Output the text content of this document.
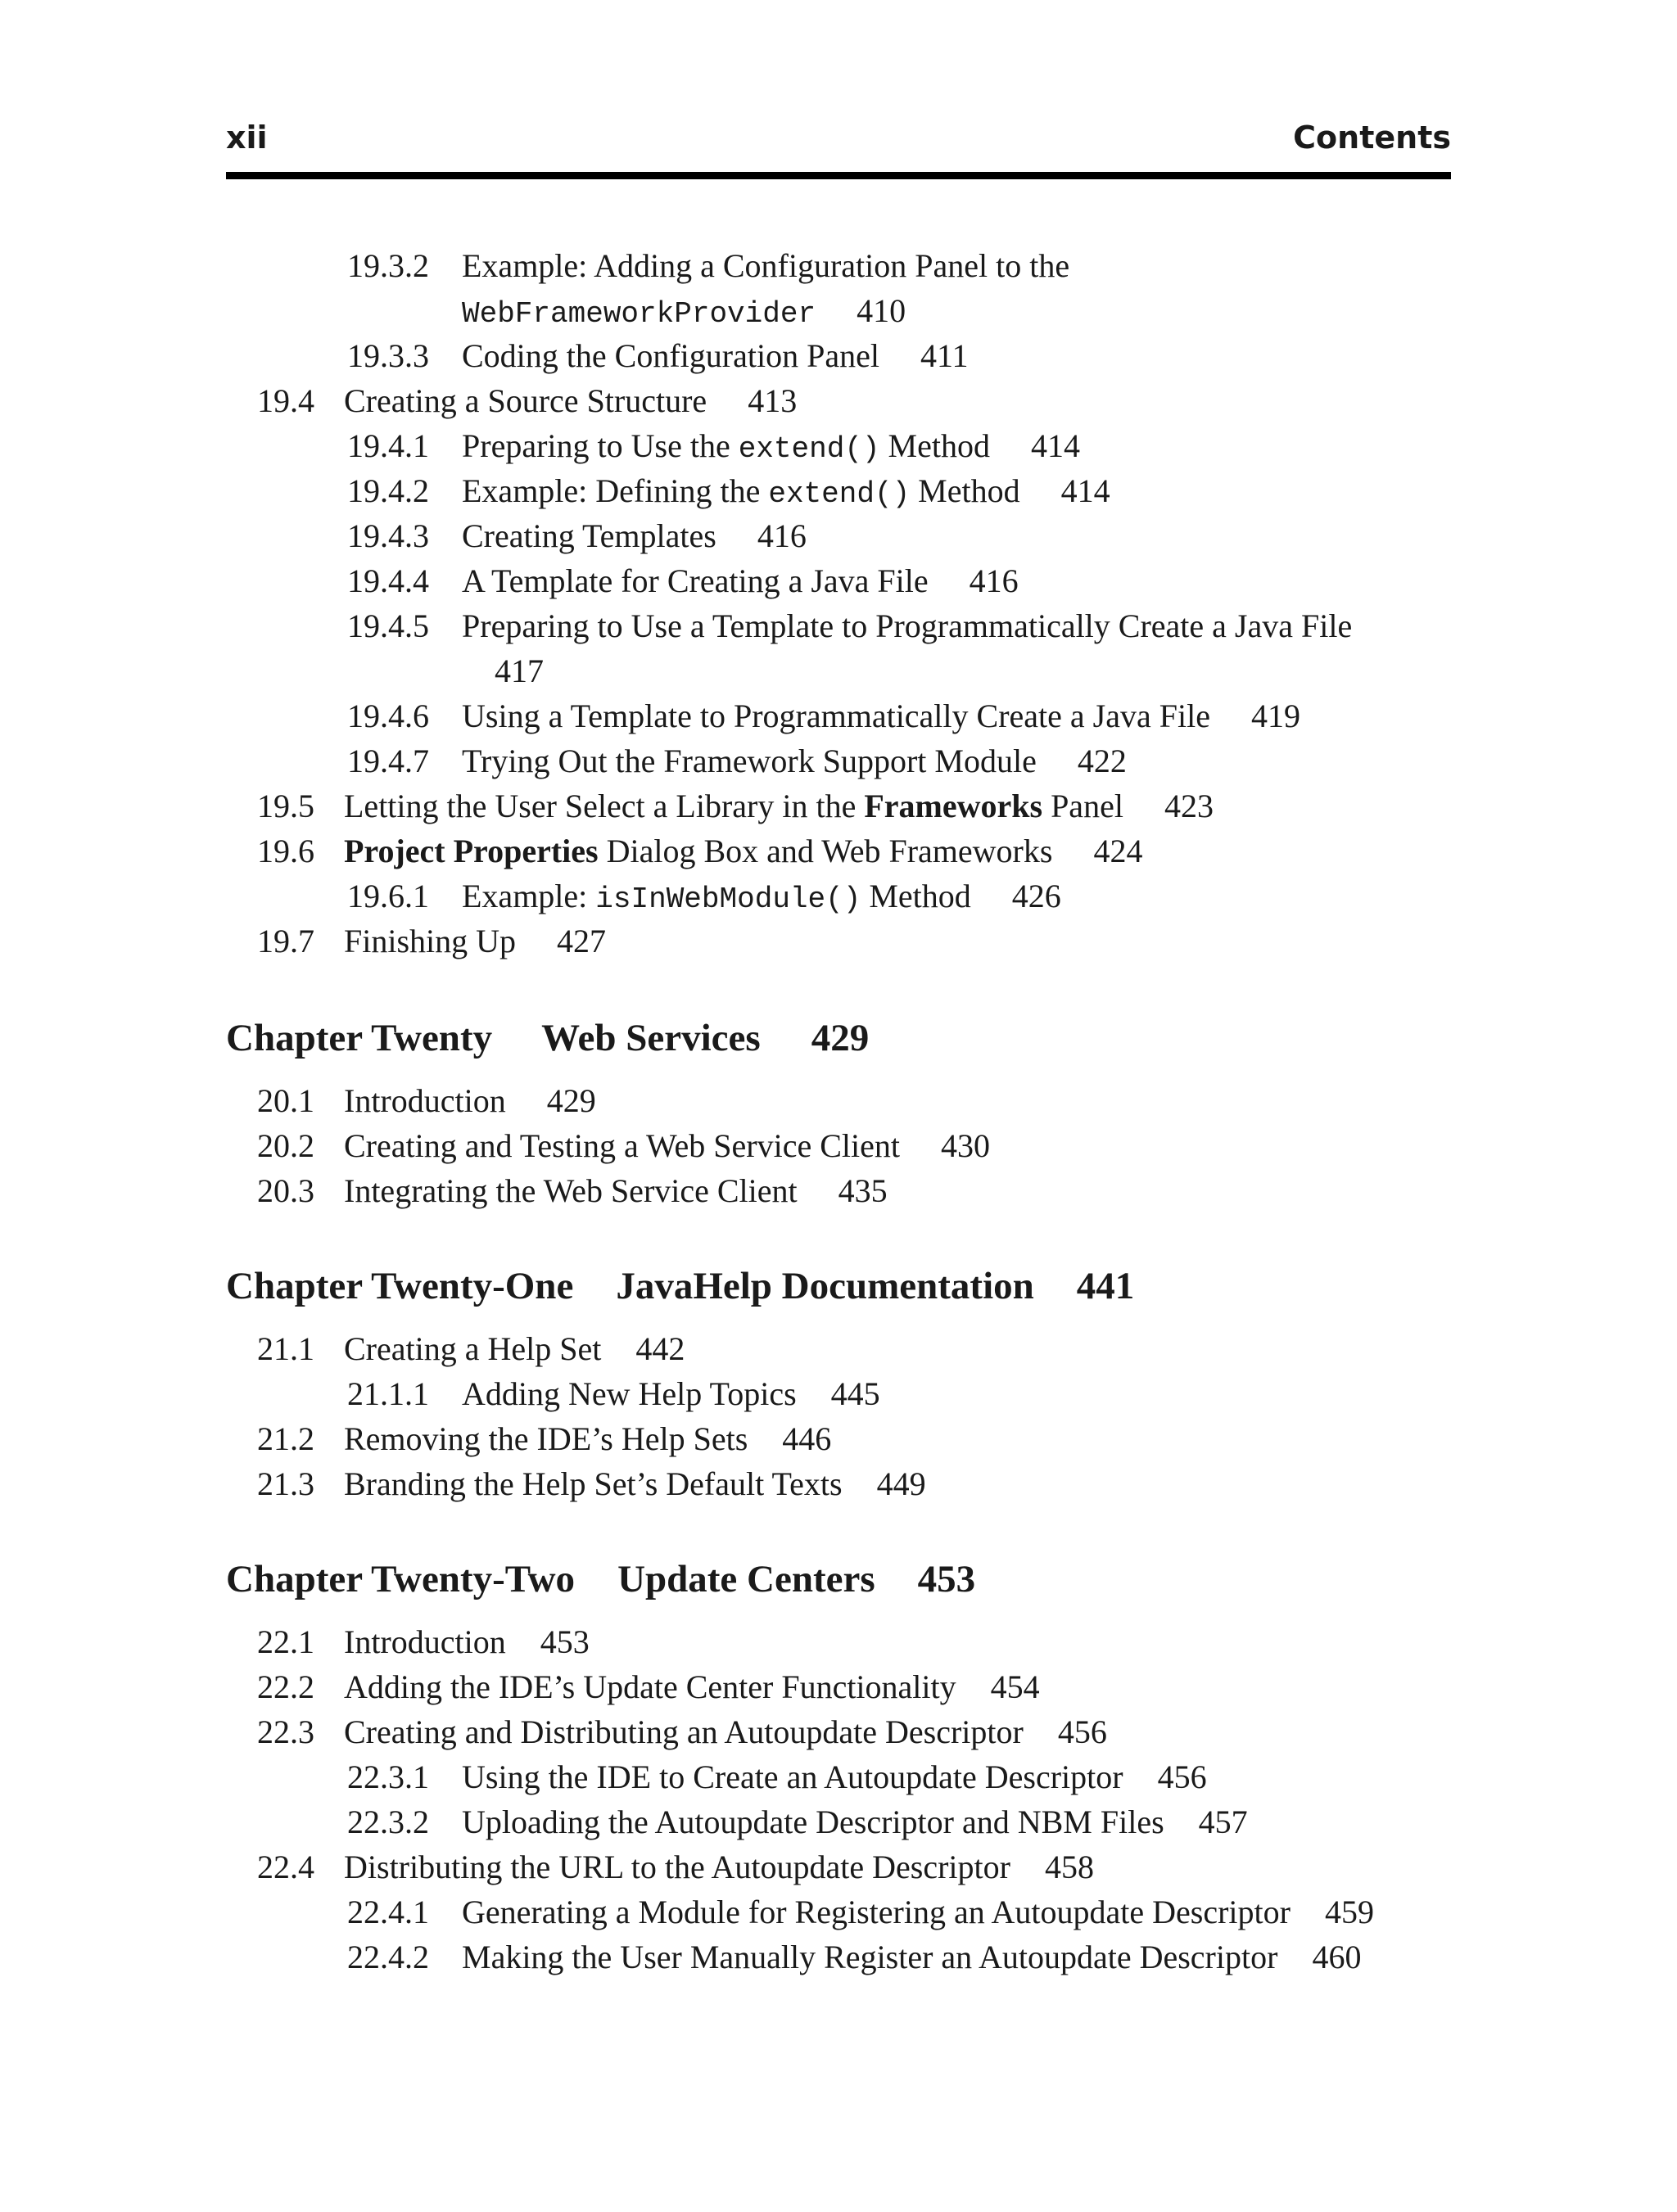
xii	Contents
19.3.2 Example: Adding a Configuration Panel to the
WebFrameworkProvider 410
19.3.3 Coding the Configuration Panel 411
19.4 Creating a Source Structure 413
19.4.1 Preparing to Use the extend() Method 414
19.4.2 Example: Defining the extend() Method 414
19.4.3 Creating Templates 416
19.4.4 A Template for Creating a Java File 416
19.4.5 Preparing to Use a Template to Programmatically Create a Java File
417
19.4.6 Using a Template to Programmatically Create a Java File 419
19.4.7 Trying Out the Framework Support Module 422
19.5 Letting the User Select a Library in the Frameworks Panel 423
19.6 Project Properties Dialog Box and Web Frameworks 424
19.6.1 Example: isInWebModule() Method 426
19.7 Finishing Up 427
Chapter Twenty Web Services 429
20.1 Introduction 429
20.2 Creating and Testing a Web Service Client 430
20.3 Integrating the Web Service Client 435
Chapter Twenty-One JavaHelp Documentation 441
21.1 Creating a Help Set 442
21.1.1 Adding New Help Topics 445
21.2 Removing the IDE’s Help Sets 446
21.3 Branding the Help Set’s Default Texts 449
Chapter Twenty-Two Update Centers 453
22.1 Introduction 453
22.2 Adding the IDE’s Update Center Functionality 454
22.3 Creating and Distributing an Autoupdate Descriptor 456
22.3.1 Using the IDE to Create an Autoupdate Descriptor 456
22.3.2 Uploading the Autoupdate Descriptor and NBM Files 457
22.4 Distributing the URL to the Autoupdate Descriptor 458
22.4.1 Generating a Module for Registering an Autoupdate Descriptor 459
22.4.2 Making the User Manually Register an Autoupdate Descriptor 460
